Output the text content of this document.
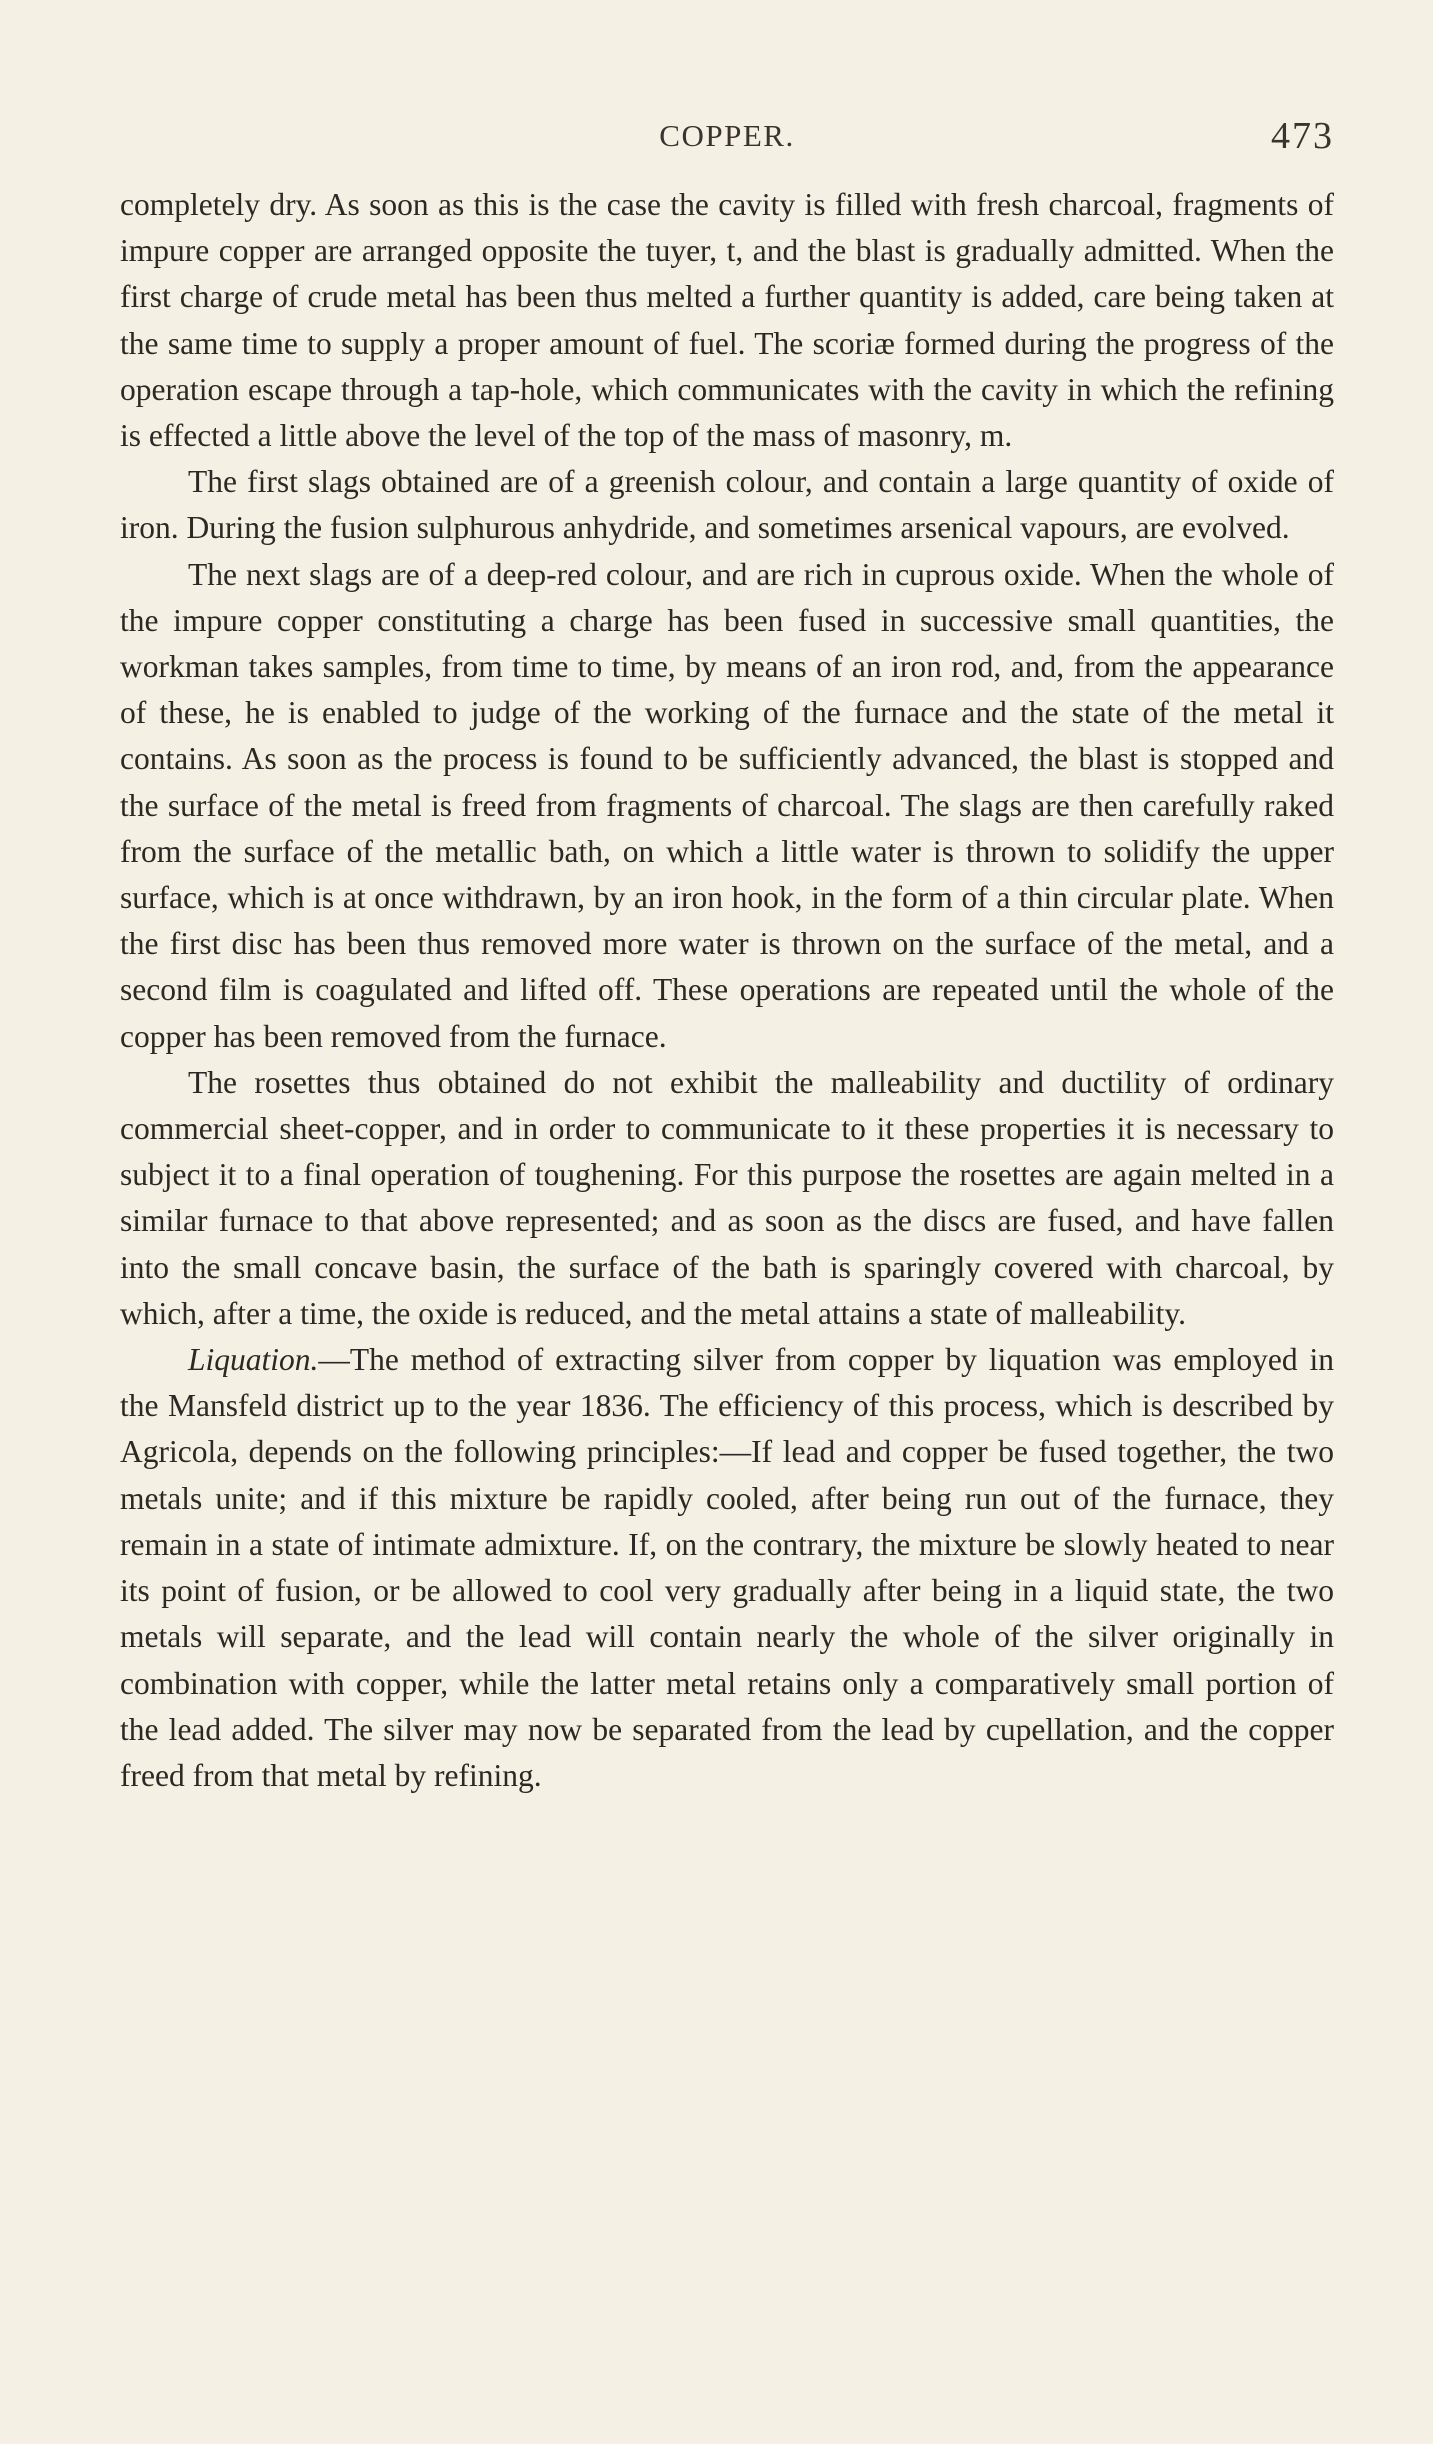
COPPER.	473

completely dry. As soon as this is the case the cavity is filled with fresh charcoal, fragments of impure copper are arranged opposite the tuyer, t, and the blast is gradually admitted. When the first charge of crude metal has been thus melted a further quantity is added, care being taken at the same time to supply a proper amount of fuel. The scoriæ formed during the progress of the operation escape through a tap-hole, which communicates with the cavity in which the refining is effected a little above the level of the top of the mass of masonry, m.

The first slags obtained are of a greenish colour, and contain a large quantity of oxide of iron. During the fusion sulphurous anhydride, and sometimes arsenical vapours, are evolved.

The next slags are of a deep-red colour, and are rich in cuprous oxide. When the whole of the impure copper constituting a charge has been fused in successive small quantities, the workman takes samples, from time to time, by means of an iron rod, and, from the appearance of these, he is enabled to judge of the working of the furnace and the state of the metal it contains. As soon as the process is found to be sufficiently advanced, the blast is stopped and the surface of the metal is freed from fragments of charcoal. The slags are then carefully raked from the surface of the metallic bath, on which a little water is thrown to solidify the upper surface, which is at once withdrawn, by an iron hook, in the form of a thin circular plate. When the first disc has been thus removed more water is thrown on the surface of the metal, and a second film is coagulated and lifted off. These operations are repeated until the whole of the copper has been removed from the furnace.

The rosettes thus obtained do not exhibit the malleability and ductility of ordinary commercial sheet-copper, and in order to communicate to it these properties it is necessary to subject it to a final operation of toughening. For this purpose the rosettes are again melted in a similar furnace to that above represented; and as soon as the discs are fused, and have fallen into the small concave basin, the surface of the bath is sparingly covered with charcoal, by which, after a time, the oxide is reduced, and the metal attains a state of malleability.

Liquation.—The method of extracting silver from copper by liquation was employed in the Mansfeld district up to the year 1836. The efficiency of this process, which is described by Agricola, depends on the following principles:—If lead and copper be fused together, the two metals unite; and if this mixture be rapidly cooled, after being run out of the furnace, they remain in a state of intimate admixture. If, on the contrary, the mixture be slowly heated to near its point of fusion, or be allowed to cool very gradually after being in a liquid state, the two metals will separate, and the lead will contain nearly the whole of the silver originally in combination with copper, while the latter metal retains only a comparatively small portion of the lead added. The silver may now be separated from the lead by cupellation, and the copper freed from that metal by refining.
